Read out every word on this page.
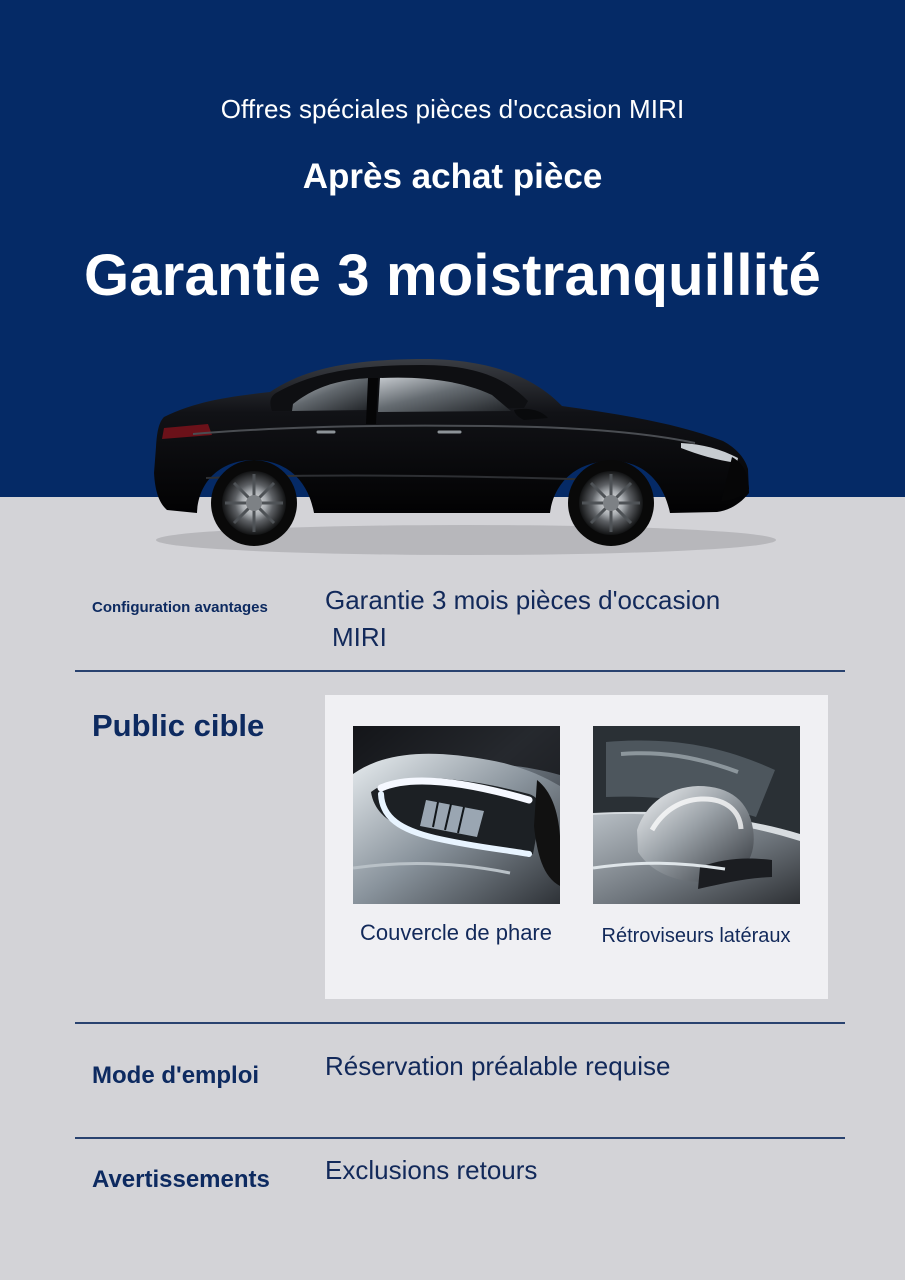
Offres spéciales pièces d'occasion MIRI
Après achat pièce
Garantie 3 moistranquillité
Configuration avantages Garantie 3 mois pièces d'occasion
MIRI
Public cible
Couvercle de phare	Rétroviseurs latéraux
Mode d'emploi	Réservation préalable requise
Avertissements Exclusions retours
